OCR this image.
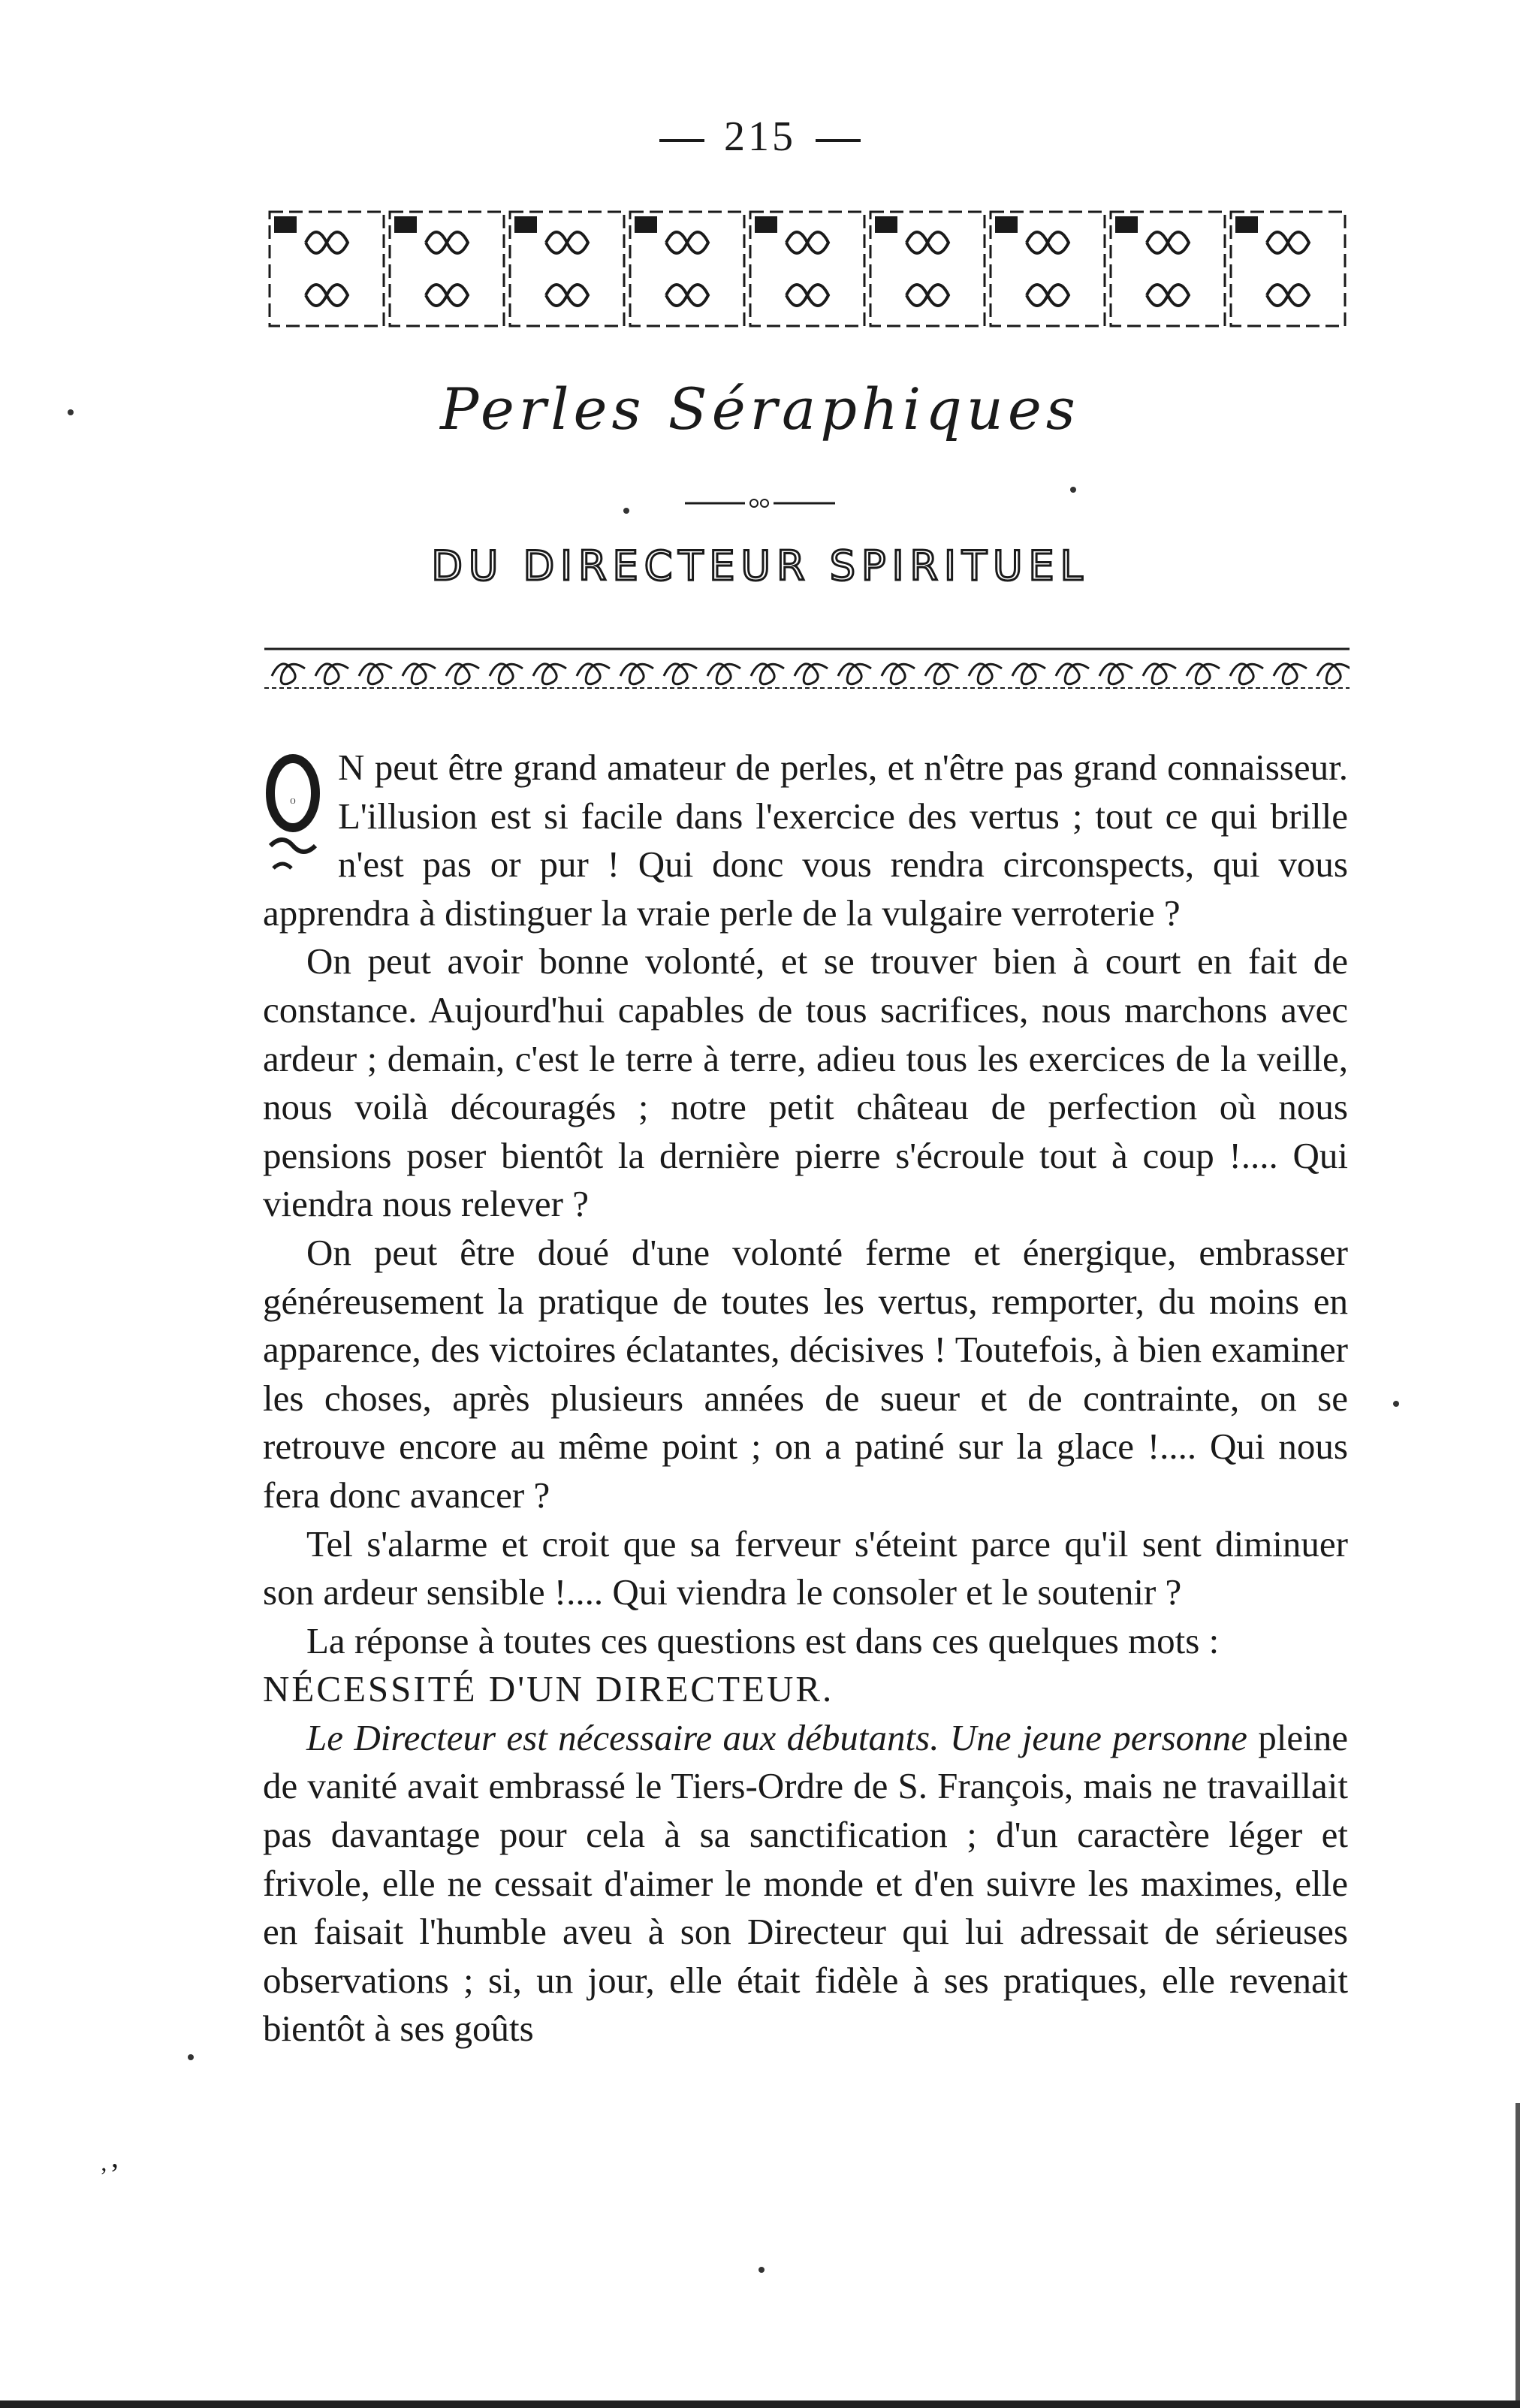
215
Perles Séraphiques
DU DIRECTEUR SPIRITUEL

O
N peut être grand amateur de perles, et n'être pas grand connaisseur. L'illusion est si facile dans l'exercice des vertus ; tout ce qui brille n'est pas or pur ! Qui donc vous rendra circonspects, qui vous apprendra à distinguer la vraie perle de la vulgaire verroterie ?

On peut avoir bonne volonté, et se trouver bien à court en fait de constance. Aujourd'hui capables de tous sacrifices, nous marchons avec ardeur ; demain, c'est le terre à terre, adieu tous les exercices de la veille, nous voilà découragés ; notre petit château de perfection où nous pensions poser bientôt la dernière pierre s'écroule tout à coup !.... Qui viendra nous relever ?

On peut être doué d'une volonté ferme et énergique, embrasser généreusement la pratique de toutes les vertus, remporter, du moins en apparence, des victoires éclatantes, décisives ! Toutefois, à bien examiner les choses, après plusieurs années de sueur et de contrainte, on se retrouve encore au même point ; on a patiné sur la glace !.... Qui nous fera donc avancer ?

Tel s'alarme et croit que sa ferveur s'éteint parce qu'il sent diminuer son ardeur sensible !.... Qui viendra le consoler et le soutenir ?

La réponse à toutes ces questions est dans ces quelques mots :

NÉCESSITÉ D'UN DIRECTEUR.

Le Directeur est nécessaire aux débutants. Une jeune personne pleine de vanité avait embrassé le Tiers-Ordre de S. François, mais ne travaillait pas davantage pour cela à sa sanctification ; d'un caractère léger et frivole, elle ne cessait d'aimer le monde et d'en suivre les maximes, elle en faisait l'humble aveu à son Directeur qui lui adressait de sérieuses observations ; si, un jour, elle était fidèle à ses pratiques, elle revenait bientôt à ses goûts

̦ ,
